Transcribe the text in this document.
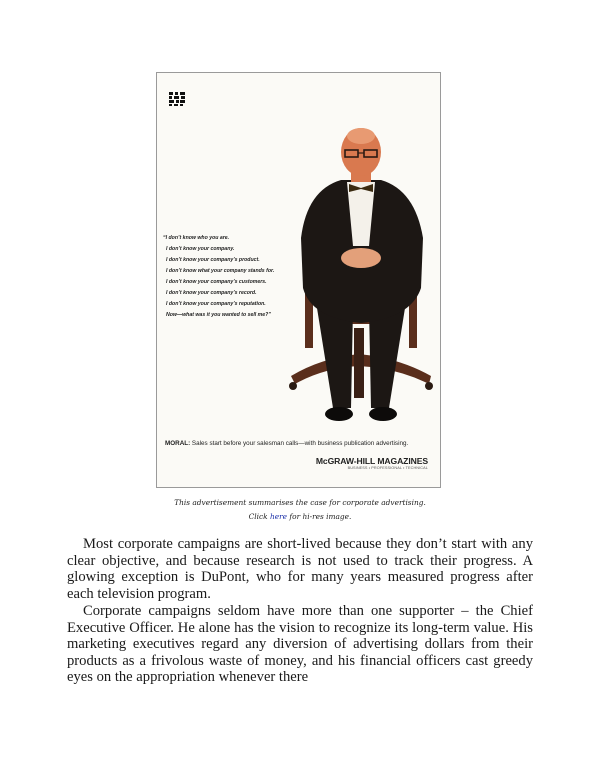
“I don’t know who you are.
I don’t know your company.
I don’t know your company’s product.
I don’t know what your company stands for.
I don’t know your company’s customers.
I don’t know your company’s record.
I don’t know your company’s reputation.
Now—what was it you wanted to sell me?”
MORAL: Sales start before your salesman calls—with business publication advertising.
McGRAW-HILL MAGAZINES
BUSINESS • PROFESSIONAL • TECHNICAL
This advertisement summarises the case for corporate advertising.
Click here for hi-res image.
Most corporate campaigns are short-lived because they don’t start with any clear objective, and because research is not used to track their progress. A glowing exception is DuPont, who for many years measured progress after each television program.
Corporate campaigns seldom have more than one supporter – the Chief Executive Officer. He alone has the vision to recognize its long-term value. His marketing executives regard any diversion of advertising dollars from their products as a frivolous waste of money, and his financial officers cast greedy eyes on the appropriation whenever there
